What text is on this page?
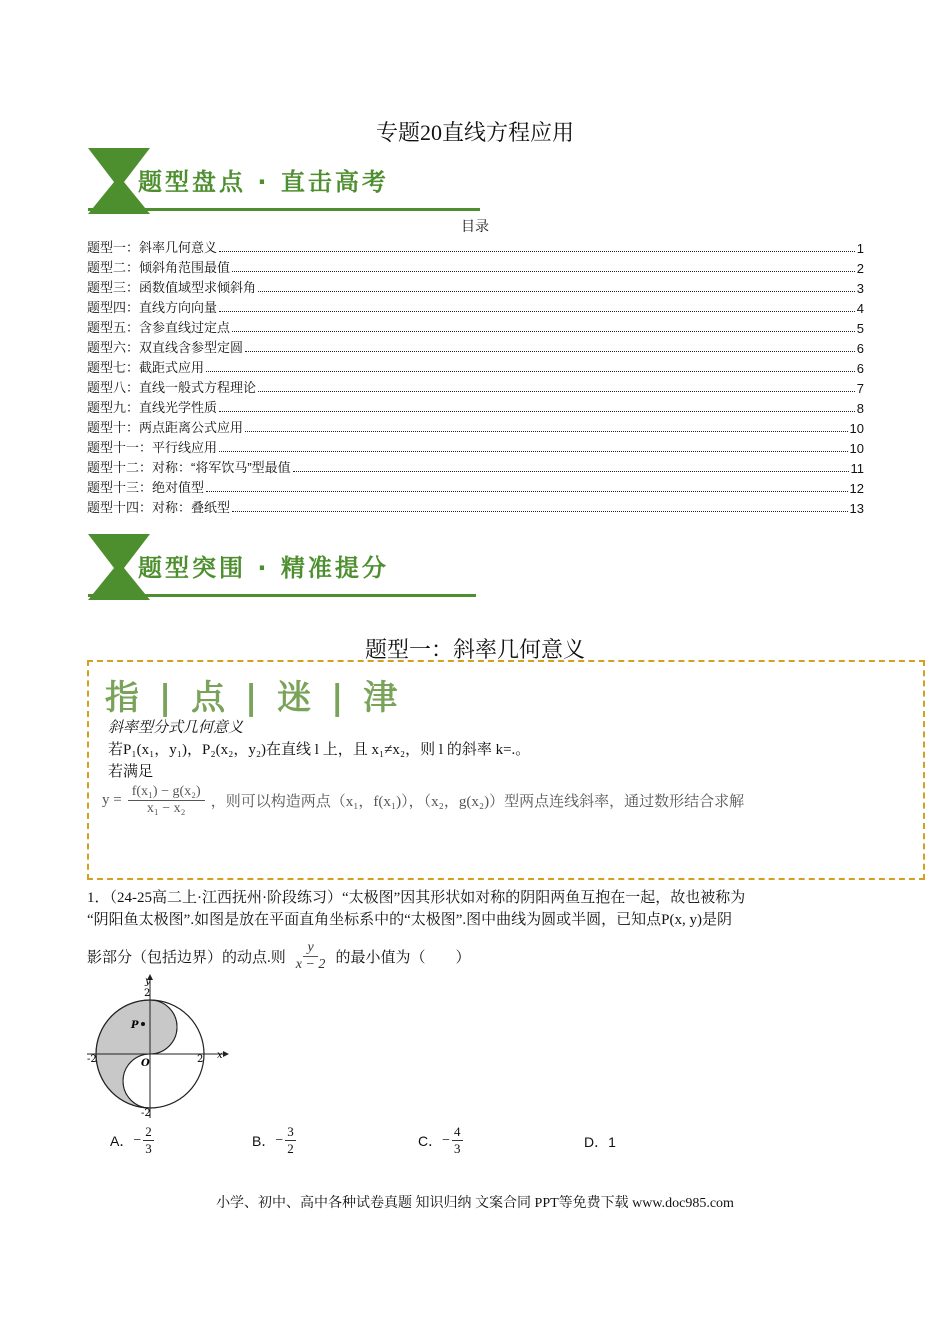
专题20直线方程应用
题型盘点 · 直击高考
目录
题型一：斜率几何意义	1
题型二：倾斜角范围最值	2
题型三：函数值域型求倾斜角	3
题型四：直线方向向量	4
题型五：含参直线过定点	5
题型六：双直线含参型定圆	6
题型七：截距式应用	6
题型八：直线一般式方程理论	7
题型九：直线光学性质	8
题型十：两点距离公式应用	10
题型十一：平行线应用	10
题型十二：对称：“将军饮马”型最值	11
题型十三：绝对值型	12
题型十四：对称：叠纸型	13
题型突围 · 精准提分
题型一：斜率几何意义
指 | 点 | 迷 | 津
斜率型分式几何意义
若P₁(x₁，y₁)，P₂(x₂，y₂)在直线 l 上，且 x₁≠x₂，则 l 的斜率 k=.。
若满足
$y = \frac{\text{f(x₁) − g(x₂)}}{\text{x₁ − x₂}}$ ，则可以构造两点（x₁，f(x₁)），（x₂，g(x₂)）型两点连线斜率，通过数形结合求解
1．（24-25高二上·江西抚州·阶段练习）“太极图”因其形状如对称的阴阳两鱼互抱在一起，故也被称为
“阴阳鱼太极图”.如图是放在平面直角坐标系中的“太极图”.图中曲线为圆或半圆，已知点P(x, y)是阴
影部分（包括边界）的动点.则 $\frac{y}{x - 2}$ 的最小值为（　　）
y
x
O
2
-2
-2	2
P
A． − $\frac{2}{3}$	B． − $\frac{3}{2}$	C． − $\frac{4}{3}$	D． 1
小学、初中、高中各种试卷真题 知识归纳 文案合同 PPT等免费下载 www.doc985.com
